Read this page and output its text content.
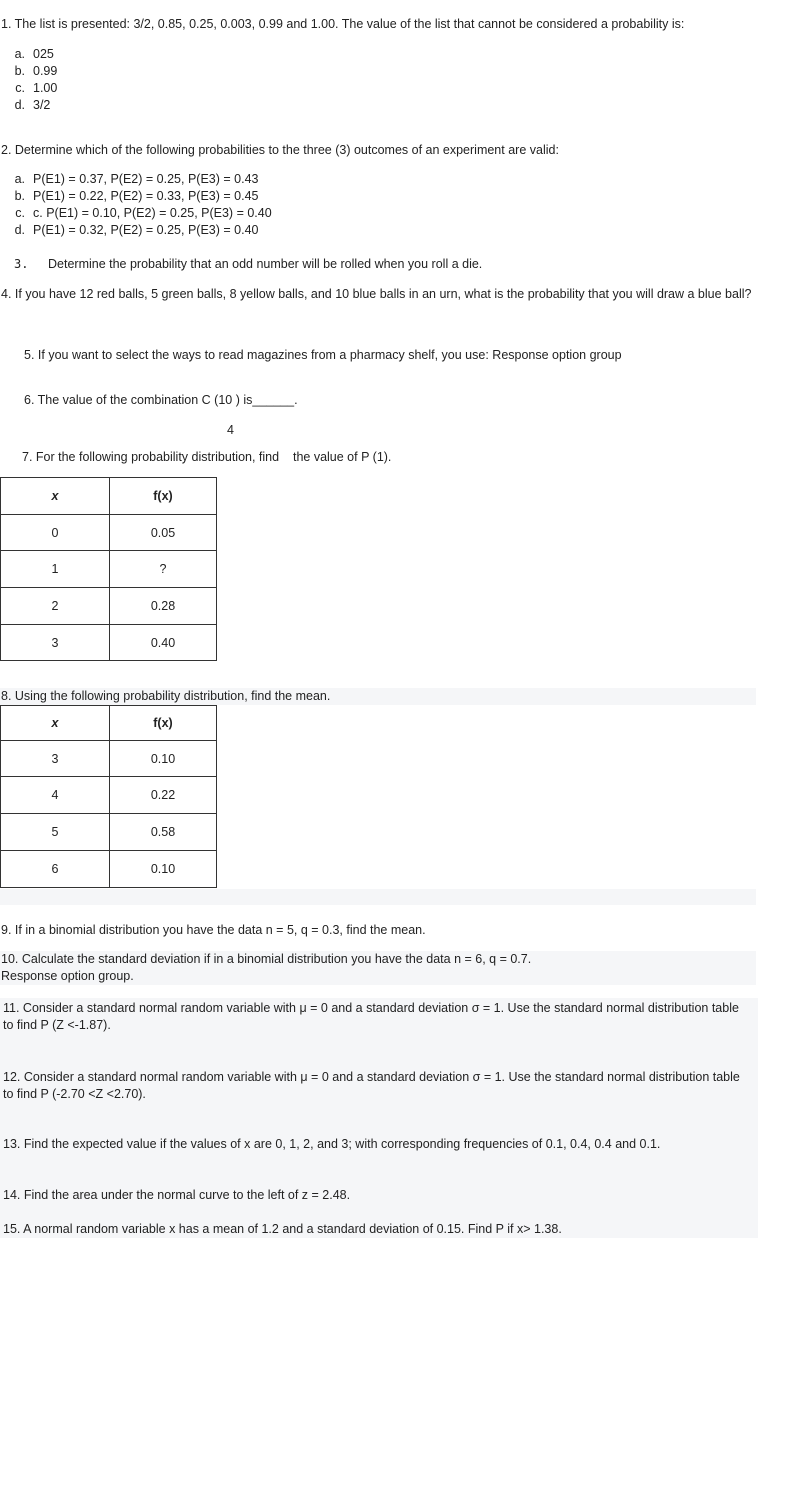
1. The list is presented: 3/2, 0.85, 0.25, 0.003, 0.99 and 1.00. The value of the list that cannot be considered a probability is:
a. 025
b. 0.99
c. 1.00
d. 3/2
2. Determine which of the following probabilities to the three (3) outcomes of an experiment are valid:
a. P(E1) = 0.37, P(E2) = 0.25, P(E3) = 0.43
b. P(E1) = 0.22, P(E2) = 0.33, P(E3) = 0.45
c. c. P(E1) = 0.10, P(E2) = 0.25, P(E3) = 0.40
d. P(E1) = 0.32, P(E2) = 0.25, P(E3) = 0.40
3. Determine the probability that an odd number will be rolled when you roll a die.
4. If you have 12 red balls, 5 green balls, 8 yellow balls, and 10 blue balls in an urn, what is the probability that you will draw a blue ball?
5. If you want to select the ways to read magazines from a pharmacy shelf, you use: Response option group
6. The value of the combination C (10 ) is______.
4
7. For the following probability distribution, find    the value of P (1).
x	f(x)
0	0.05
1	?
2	0.28
3	0.40
8. Using the following probability distribution, find the mean.
x	f(x)
3	0.10
4	0.22
5	0.58
6	0.10
9. If in a binomial distribution you have the data n = 5, q = 0.3, find the mean.
10. Calculate the standard deviation if in a binomial distribution you have the data n = 6, q = 0.7.
Response option group.
11. Consider a standard normal random variable with μ = 0 and a standard deviation σ = 1. Use the standard normal distribution table to find P (Z <-1.87).
12. Consider a standard normal random variable with μ = 0 and a standard deviation σ = 1. Use the standard normal distribution table to find P (-2.70 <Z <2.70).
13. Find the expected value if the values of x are 0, 1, 2, and 3; with corresponding frequencies of 0.1, 0.4, 0.4 and 0.1.
14. Find the area under the normal curve to the left of z = 2.48.
15. A normal random variable x has a mean of 1.2 and a standard deviation of 0.15. Find P if x> 1.38.
